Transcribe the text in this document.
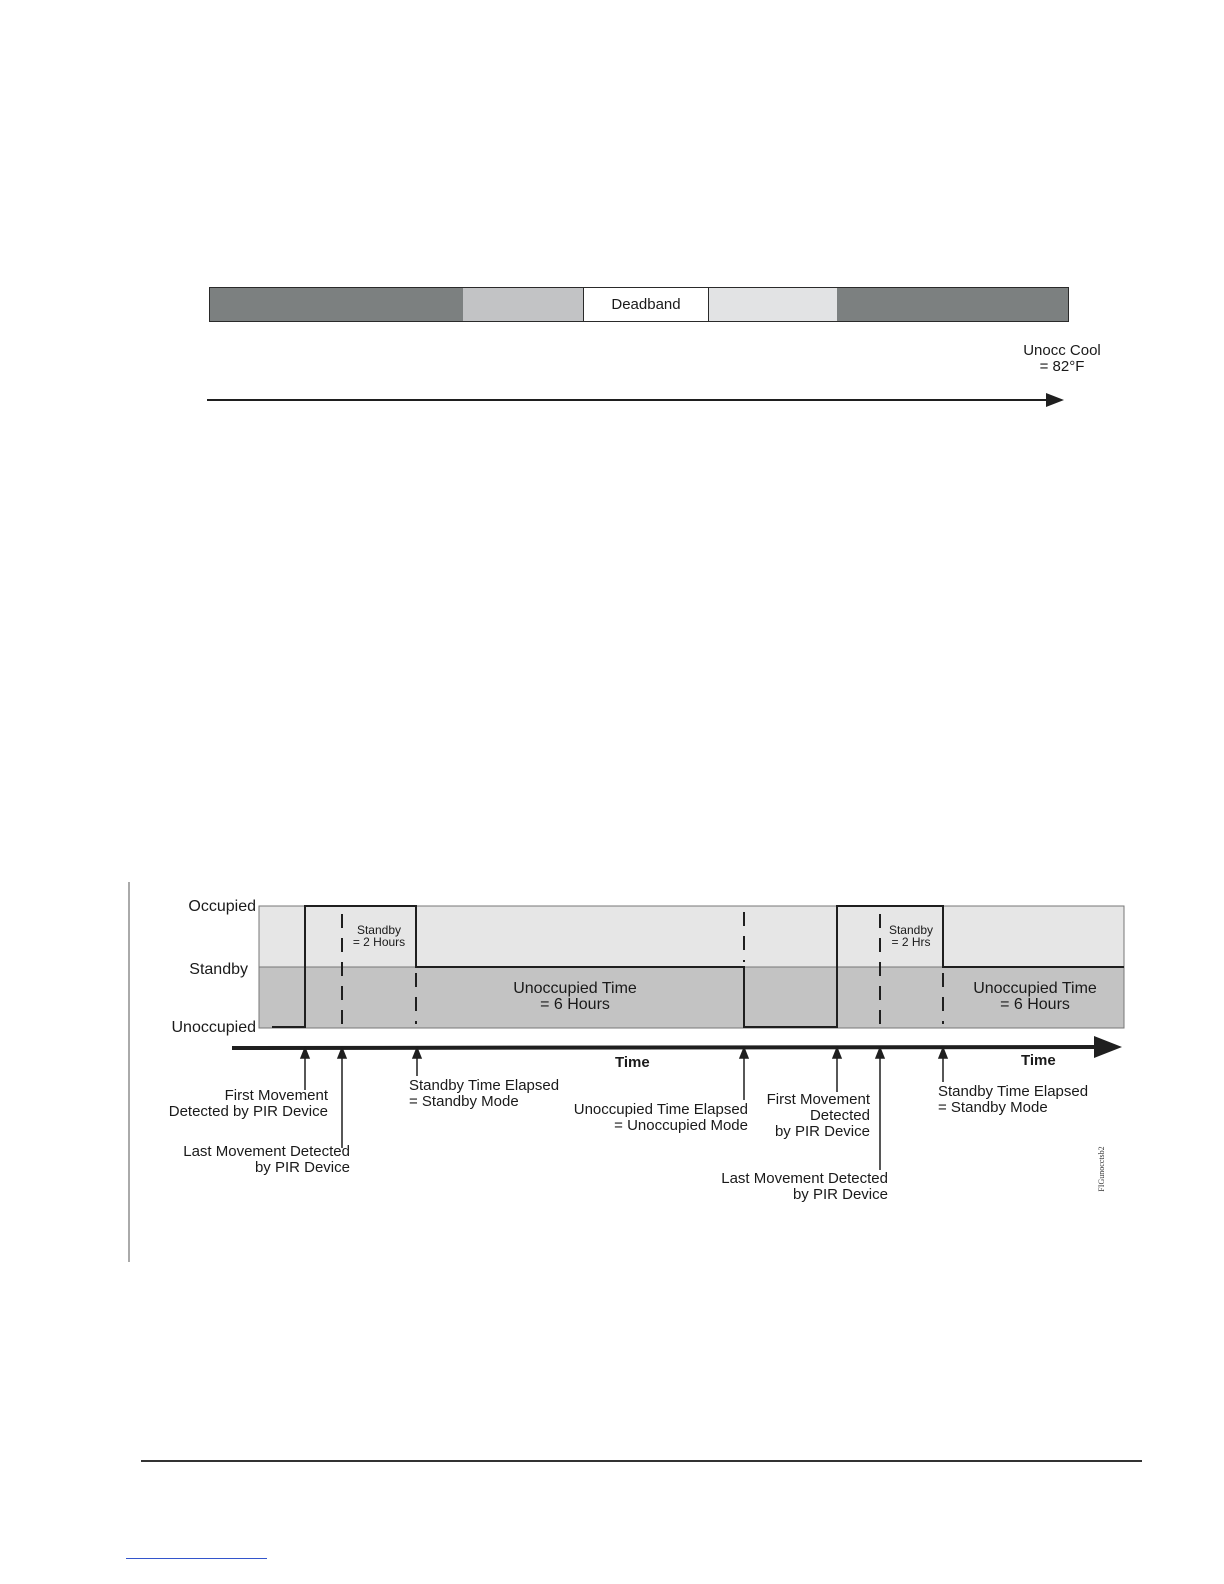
Deadband
Unocc Cool
= 82°F
Occupied
Standby
Unoccupied
Standby
= 2 Hours
Standby
= 2 Hrs
Unoccupied Time
= 6 Hours
Unoccupied Time
= 6 Hours
Time	Time
First Movement
Detected by PIR Device
Last Movement Detected
by PIR Device
Standby Time Elapsed
= Standby Mode	Unoccupied Time Elapsed
= Unoccupied Mode
First Movement
Detected
by PIR Device
Last Movement Detected
by PIR Device
Standby Time Elapsed
= Standby Mode
FIGunocctsb2
